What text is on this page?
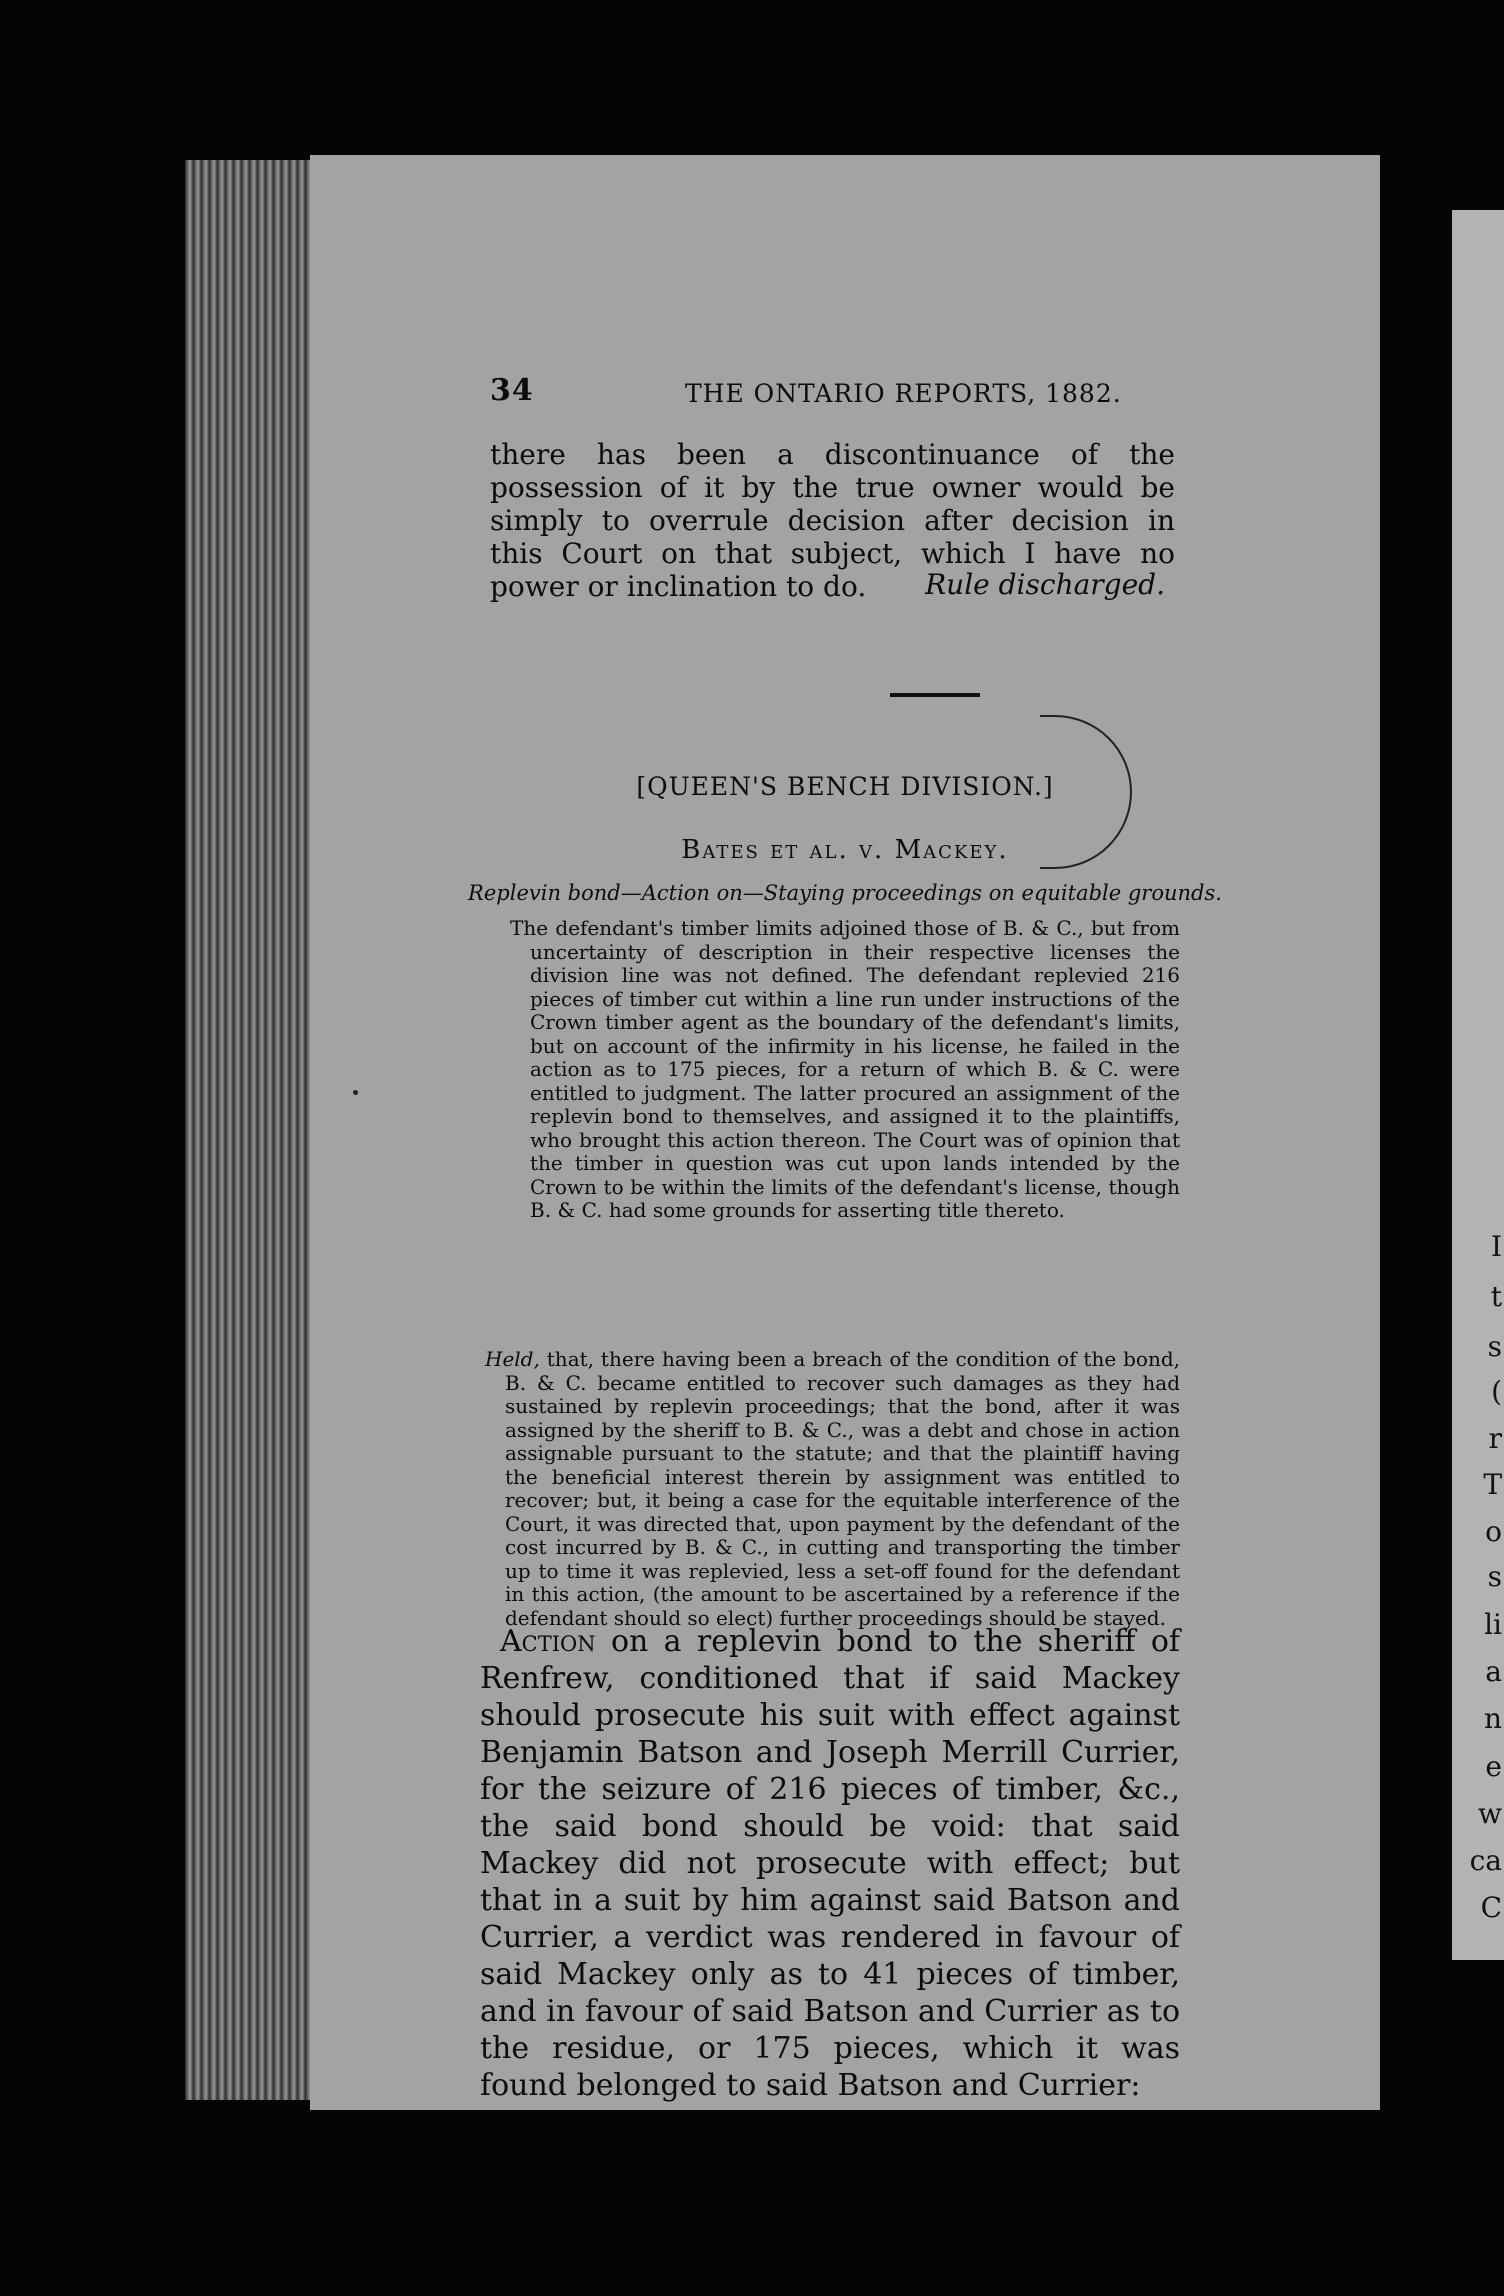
34	THE ONTARIO REPORTS, 1882.
there has been a discontinuance of the possession of it by the true owner would be simply to overrule decision after decision in this Court on that subject, which I have no power or inclination to do.	Rule discharged.
[QUEEN'S BENCH DIVISION.]
Bates et al. v. Mackey.
Replevin bond—Action on—Staying proceedings on equitable grounds.
The defendant's timber limits adjoined those of B. & C., but from uncertainty of description in their respective licenses the division line was not defined. The defendant replevied 216 pieces of timber cut within a line run under instructions of the Crown timber agent as the boundary of the defendant's limits, but on account of the infirmity in his license, he failed in the action as to 175 pieces, for a return of which B. & C. were entitled to judgment. The latter procured an assignment of the replevin bond to themselves, and assigned it to the plaintiffs, who brought this action thereon. The Court was of opinion that the timber in question was cut upon lands intended by the Crown to be within the limits of the defendant's license, though B. & C. had some grounds for asserting title thereto.
Held, that, there having been a breach of the condition of the bond, B. & C. became entitled to recover such damages as they had sustained by replevin proceedings; that the bond, after it was assigned by the sheriff to B. & C., was a debt and chose in action assignable pursuant to the statute; and that the plaintiff having the beneficial interest therein by assignment was entitled to recover; but, it being a case for the equitable interference of the Court, it was directed that, upon payment by the defendant of the cost incurred by B. & C., in cutting and transporting the timber up to time it was replevied, less a set-off found for the defendant in this action, (the amount to be ascertained by a reference if the defendant should so elect) further proceedings should be stayed.
Action on a replevin bond to the sheriff of Renfrew, conditioned that if said Mackey should prosecute his suit with effect against Benjamin Batson and Joseph Merrill Currier, for the seizure of 216 pieces of timber, &c., the said bond should be void: that said Mackey did not prosecute with effect; but that in a suit by him against said Batson and Currier, a verdict was rendered in favour of said Mackey only as to 41 pieces of timber, and in favour of said Batson and Currier as to the residue, or 175 pieces, which it was found belonged to said Batson and Currier:
I
t
s
(
r
T
o
s
li
a
n
e
w
ca
C
